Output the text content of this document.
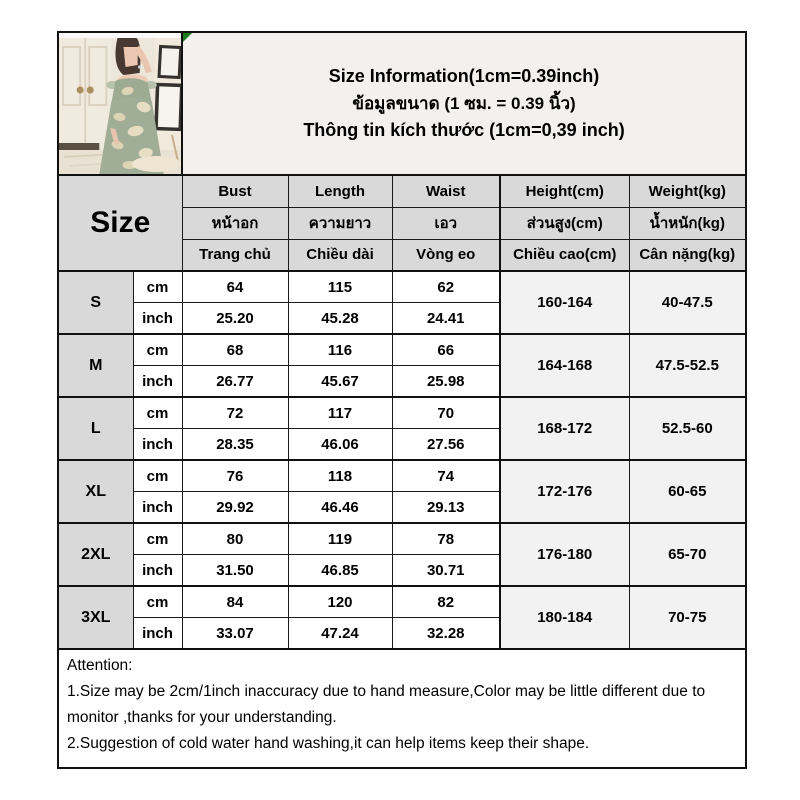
Size Information(1cm=0.39inch)
ข้อมูลขนาด (1 ซม. = 0.39 นิ้ว)
Thông tin kích thước (1cm=0,39 inch)				

Size		Bust	Length	Waist	Height(cm)	Weight(kg)
		หน้าอก	ความยาว	เอว	ส่วนสูง(cm)	น้ำหนัก(kg)
		Trang chủ	Chiều dài	Vòng eo	Chiều cao(cm)	Cân nặng(kg)
S	cm	64	115	62	160-164	40-47.5
	inch	25.20	45.28	24.41		
M	cm	68	116	66	164-168	47.5-52.5
	inch	26.77	45.67	25.98		
L	cm	72	117	70	168-172	52.5-60
	inch	28.35	46.06	27.56		
XL	cm	76	118	74	172-176	60-65
	inch	29.92	46.46	29.13		
2XL	cm	80	119	78	176-180	65-70
	inch	31.50	46.85	30.71		
3XL	cm	84	120	82	180-184	70-75
	inch	33.07	47.24	32.28		

Attention:
1.Size may be 2cm/1inch inaccuracy due to hand measure,Color may be little different due to monitor ,thanks for your understanding.
2.Suggestion of cold water hand washing,it can help items keep their shape.						
